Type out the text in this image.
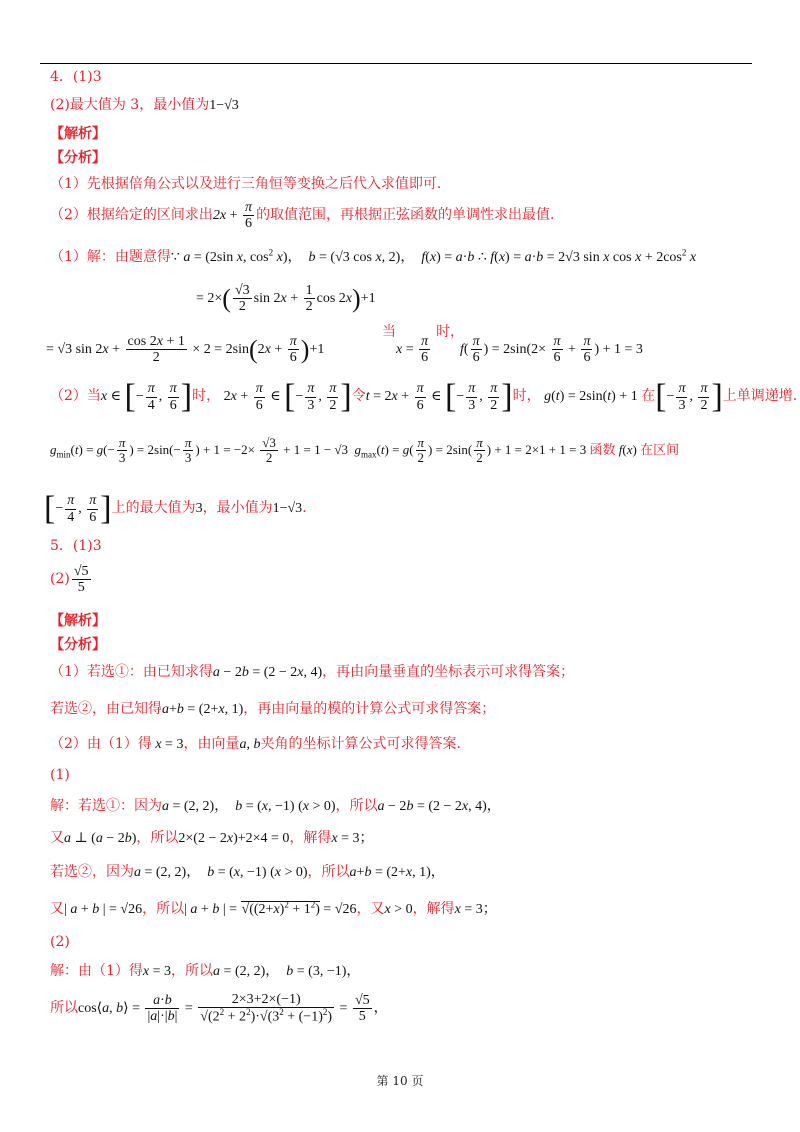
4．(1)3
(2)最大值为 3，最小值为1−√3
【解析】
【分析】
（1）先根据倍角公式以及进行三角恒等变换之后代入求值即可.
（2）根据给定的区间求出$2x + \frac{\pi}{6}$ 的取值范围，再根据正弦函数的单调性求出最值.
（1）解：由题意得∵ a = (2sin x, $\cos^2 x$)，  b = (√3 cos x, 2)，  f(x) = a·b ∴ f(x) = a·b = 2√3 sin x $\cos x + 2\cos^2$ x
= $2\times( \frac{√3}{2}$ $\sin 2x + \frac{1}{2}$ cos 2x)+1
当	时，
= √3 $\sin 2x + \frac{\cos 2x + 1}{2} \times 2 = 2\sin(2x + \frac{\pi}{6} )+1$	$x = \frac{\pi}{6} f( \frac{\pi}{6}$ ) = $2\sin(2\times \frac{\pi}{6} + \frac{\pi}{6}$ ) + 1 = 3
（2）当x ∈ [− $\frac{\pi}{4}$ , $\frac{\pi}{6}$ ]时， $2x + \frac{\pi}{6}$ ∈ [− $\frac{\pi}{3}$ , $\frac{\pi}{2}$ ]令$t = 2x + \frac{\pi}{6}$ ∈ [− $\frac{\pi}{3}$ , $\frac{\pi}{2}$ ]时， g(t) = 2sin(t) + 1 在[− $\frac{\pi}{3}$ , $\frac{\pi}{2}$ ]上单调递增.
$g_{min}(t) = g(- \frac{\pi}{3}$ ) = $2\sin(- \frac{\pi}{3}$ ) + $1 = -2\times \frac{√3}{2} + 1 = 1 - √3$  $g_{max}(t) = g( \frac{\pi}{2}$ ) = $2\sin( \frac{\pi}{2}$ ) + 1 = 2×1 + 1 = 3 函数 f(x) 在区间
[− $\frac{\pi}{4}$ , $\frac{\pi}{6}$ ]上的最大值为3，最小值为1−√3.
5．(1)3
$(2) \frac{√5}{5}$
【解析】
【分析】
（1）若选①：由已知求得a − 2b = (2 − 2x, 4)，再由向量垂直的坐标表示可求得答案；
若选②，由已知得a+b = (2+x, 1)，再由向量的模的计算公式可求得答案；
（2）由（1）得 x = 3，由向量a, b夹角的坐标计算公式可求得答案.
(1)
解：若选①：因为a = (2, 2)，  b = (x, −1) (x > 0)，所以a − 2b = (2 − 2x, 4)，
又a ⊥ (a − 2b)，所以2×(2 − 2x)+2×4 = 0，解得x = 3；
若选②，因为a = (2, 2)，  b = (x, −1) (x > 0)，所以a+b = (2+x, 1)，
又| a + b | = √26，所以| a + b | = $√((2+x)^2 + 1^2) = √26$，又x > 0，解得x = 3；
(2)
解：由（1）得x = 3，所以a = (2, 2)，  b = (3, −1)，
所以cos⟨a, b⟩ = $\frac{a\cdot b}{|a|\cdot|b|} = \frac{2\times 3+2\times(-1)}{√(2^2 + 2^2)\cdot√(3^2 + (-1)^2)} = \frac{√5}{5}$ ，
第 10 页
